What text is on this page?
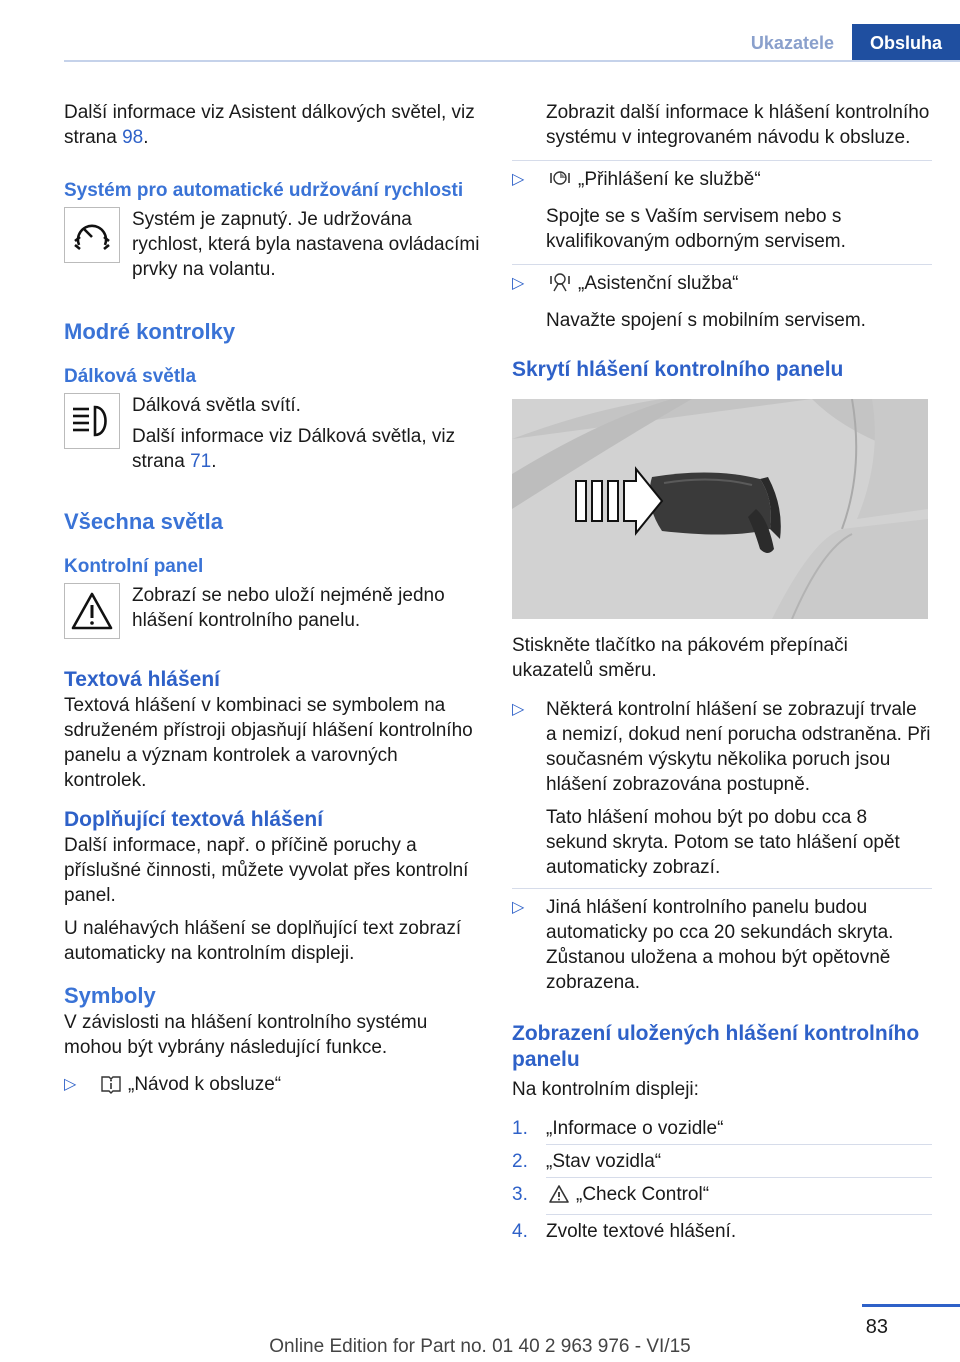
Ukazatele	Obsluha

Další informace viz Asistent dálkových světel, viz strana 98.

Systém pro automatické udržování rychlosti

Systém je zapnutý. Je udržována rychlost, která byla nastavena ovládacími prvky na volantu.

Modré kontrolky
Dálková světla

Dálková světla svítí.

Další informace viz Dálková světla, viz strana 71.

Všechna světla
Kontrolní panel

Zobrazí se nebo uloží nejméně jedno hlášení kontrolního panelu.

Textová hlášení

Textová hlášení v kombinaci se symbolem na sdruženém přístroji objasňují hlášení kontrolního panelu a význam kontrolek a varovných kontrolek.

Doplňující textová hlášení

Další informace, např. o příčině poruchy a příslušné činnosti, můžete vyvolat přes kontrolní panel.

U naléhavých hlášení se doplňující text zobrazí automaticky na kontrolním displeji.

Symboly

V závislosti na hlášení kontrolního systému mohou být vybrány následující funkce.

▷	„Návod k obsluze“

Zobrazit další informace k hlášení kontrolního systému v integrovaném návodu k obsluze.

▷	„Přihlášení ke službě“

Spojte se s Vaším servisem nebo s kvalifikovaným odborným servisem.

▷	„Asistenční služba“

Navažte spojení s mobilním servisem.

Skrytí hlášení kontrolního panelu

Stiskněte tlačítko na pákovém přepínači ukazatelů směru.

▷	Některá kontrolní hlášení se zobrazují trvale a nemizí, dokud není porucha odstraněna. Při současném výskytu několika poruch jsou hlášení zobrazována postupně.

Tato hlášení mohou být po dobu cca 8 sekund skryta. Potom se tato hlášení opět automaticky zobrazí.

▷	Jiná hlášení kontrolního panelu budou automaticky po cca 20 sekundách skryta. Zůstanou uložena a mohou být opětovně zobrazena.

Zobrazení uložených hlášení kontrolního panelu

Na kontrolním displeji:

1. „Informace o vozidle“
2. „Stav vozidla“
3.	„Check Control“
4. Zvolte textové hlášení.
83
Online Edition for Part no. 01 40 2 963 976 - VI/15
